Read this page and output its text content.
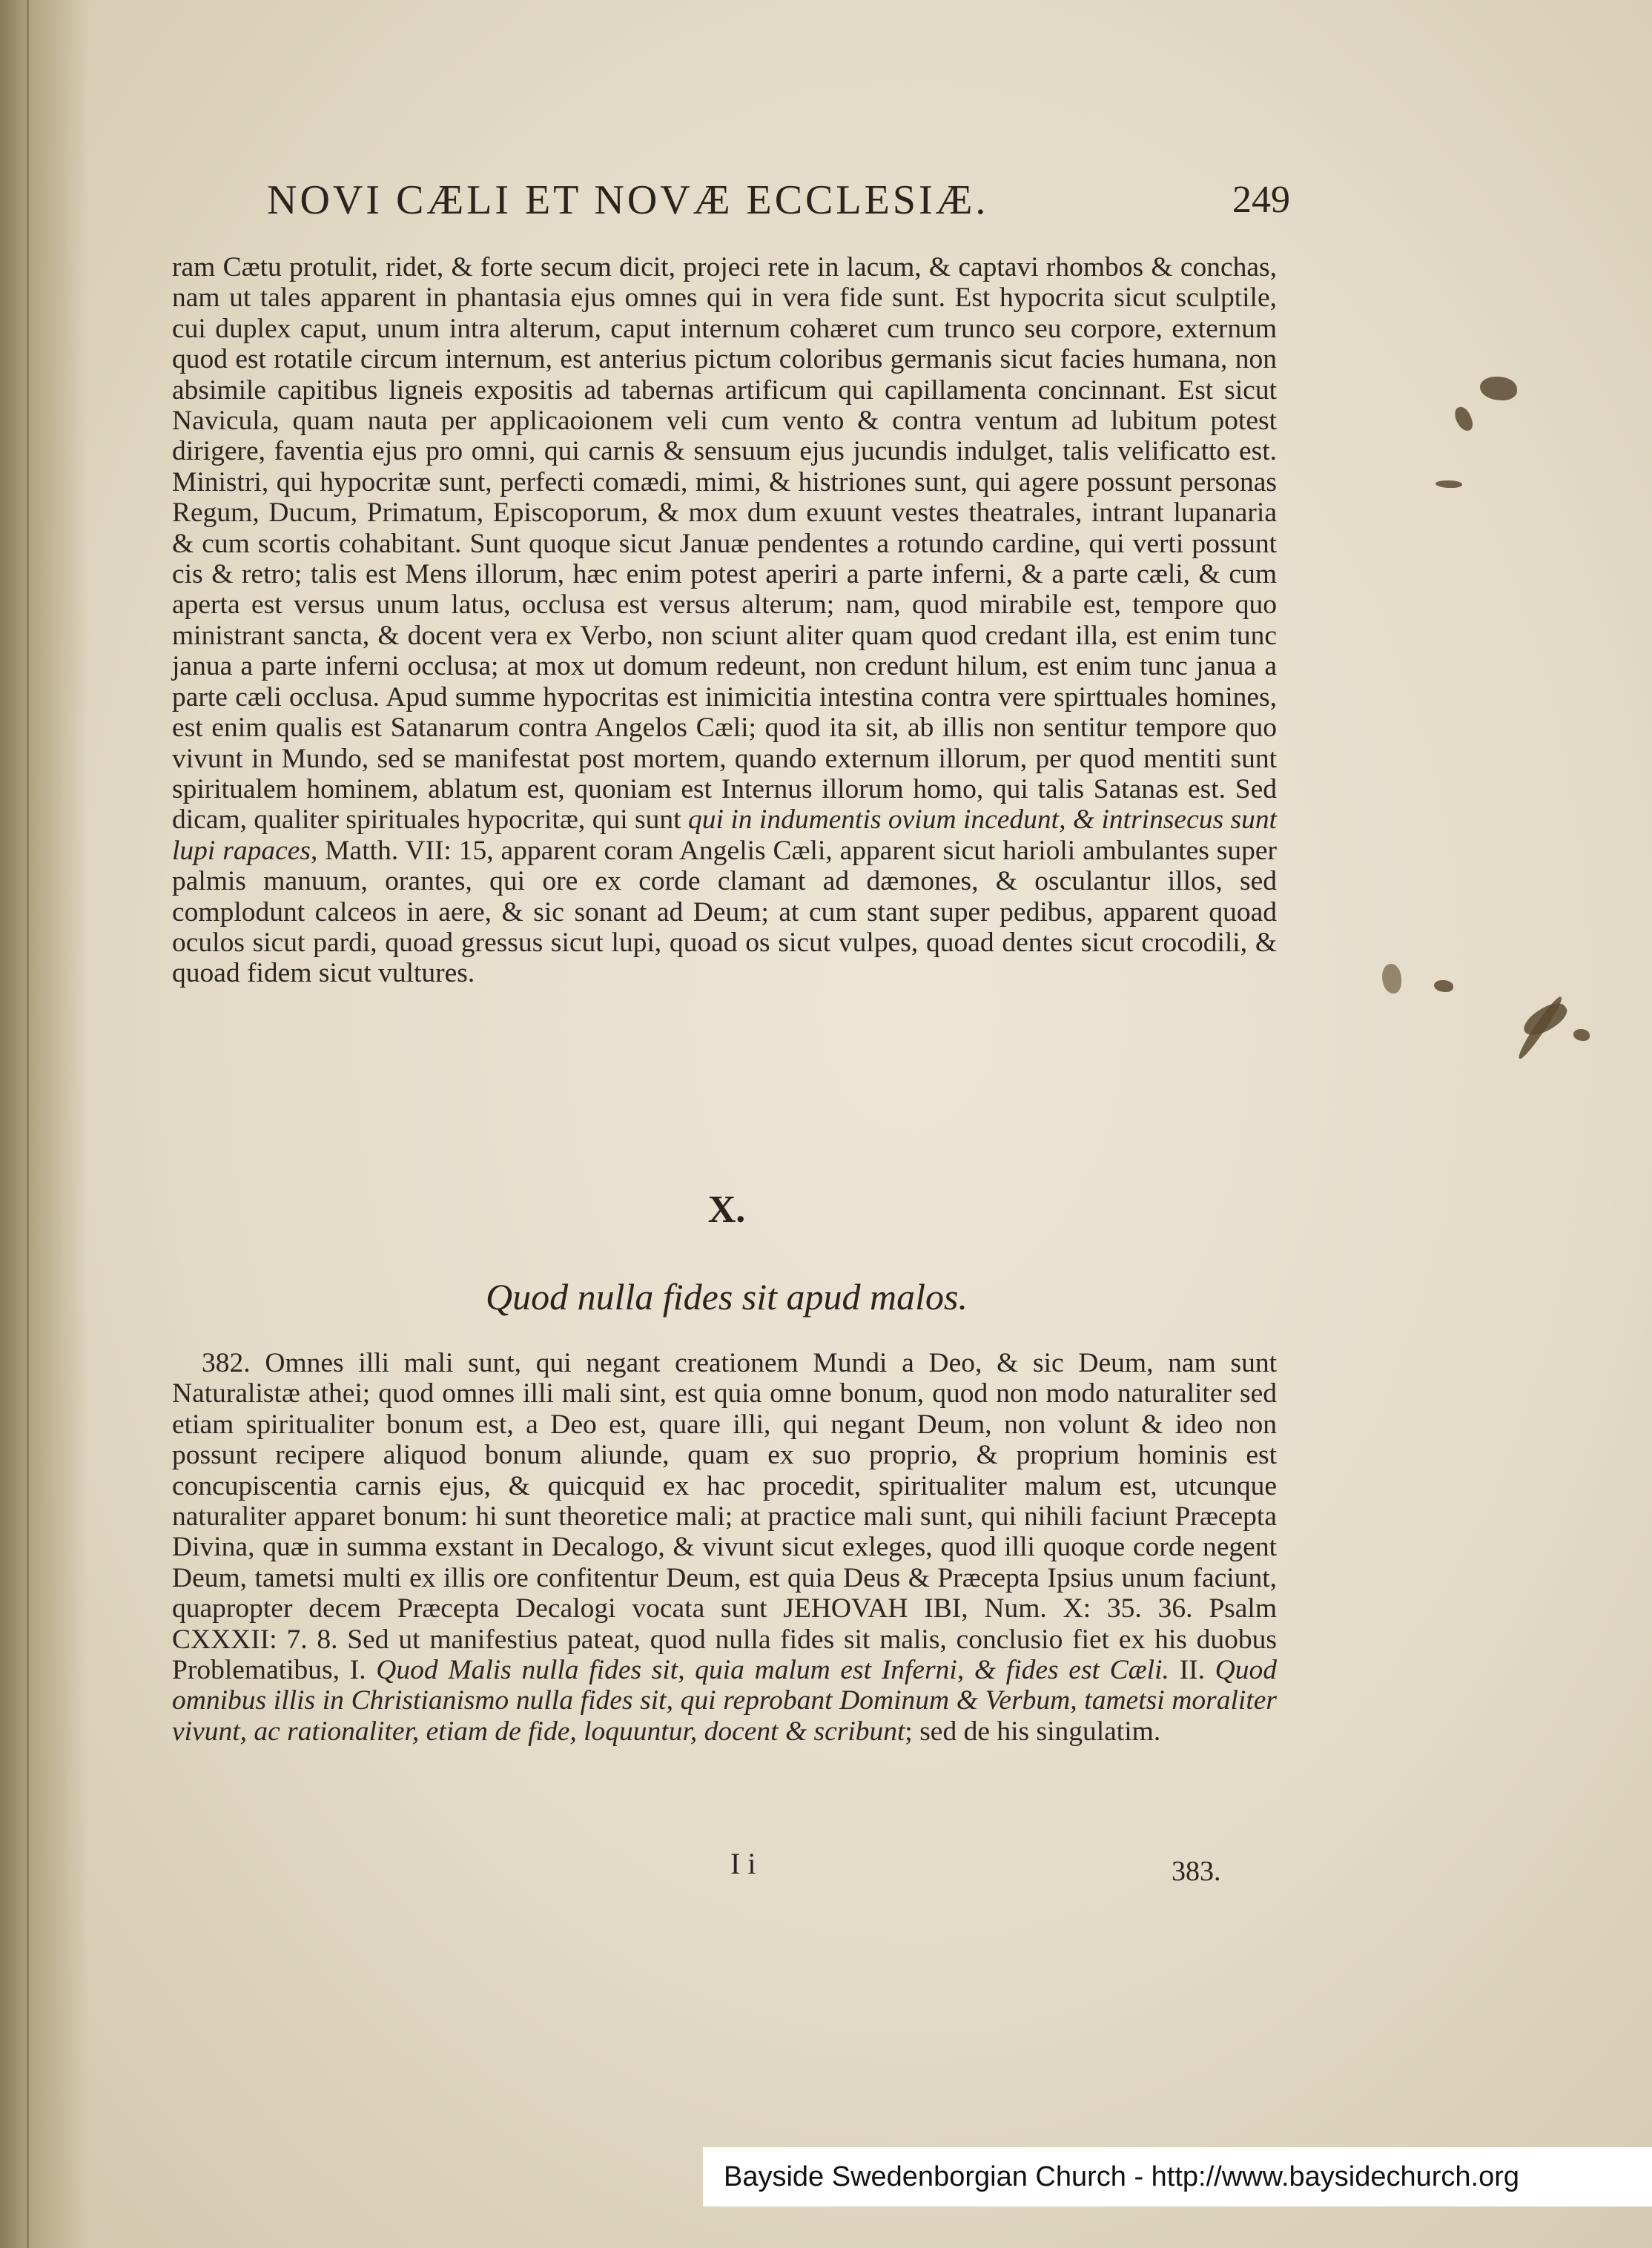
NOVI CÆLI ET NOVÆ ECCLESIÆ.	249

ram Cætu protulit, ridet, & forte secum dicit, projeci rete in lacum, & captavi rhombos & conchas, nam ut tales apparent in phantasia ejus omnes qui in vera fide sunt. Est hypocrita sicut sculptile, cui duplex caput, unum intra alterum, caput internum cohæret cum trunco seu corpore, externum quod est rotatile circum internum, est anterius pictum coloribus germanis sicut facies humana, non absimile capitibus ligneis expositis ad tabernas artificum qui capillamenta concinnant. Est sicut Navicula, quam nauta per applicaoionem veli cum vento & contra ventum ad lubitum potest dirigere, faventia ejus pro omni, qui carnis & sensuum ejus jucundis indulget, talis velificatto est. Ministri, qui hypocritæ sunt, perfecti comædi, mimi, & histriones sunt, qui agere possunt personas Regum, Ducum, Primatum, Episcoporum, & mox dum exuunt vestes theatrales, intrant lupanaria & cum scortis cohabitant. Sunt quoque sicut Januæ pendentes a rotundo cardine, qui verti possunt cis & retro; talis est Mens illorum, hæc enim potest aperiri a parte inferni, & a parte cæli, & cum aperta est versus unum latus, occlusa est versus alterum; nam, quod mirabile est, tempore quo ministrant sancta, & docent vera ex Verbo, non sciunt aliter quam quod credant illa, est enim tunc janua a parte inferni occlusa; at mox ut domum redeunt, non credunt hilum, est enim tunc janua a parte cæli occlusa. Apud summe hypocritas est inimicitia intestina contra vere spirttuales homines, est enim qualis est Satanarum contra Angelos Cæli; quod ita sit, ab illis non sentitur tempore quo vivunt in Mundo, sed se manifestat post mortem, quando externum illorum, per quod mentiti sunt spiritualem hominem, ablatum est, quoniam est Internus illorum homo, qui talis Satanas est. Sed dicam, qualiter spirituales hypocritæ, qui sunt qui in indumentis ovium incedunt, & intrinsecus sunt lupi rapaces, Matth. VII: 15, apparent coram Angelis Cæli, apparent sicut harioli ambulantes super palmis manuum, orantes, qui ore ex corde clamant ad dæmones, & osculantur illos, sed complodunt calceos in aere, & sic sonant ad Deum; at cum stant super pedibus, apparent quoad oculos sicut pardi, quoad gressus sicut lupi, quoad os sicut vulpes, quoad dentes sicut crocodili, & quoad fidem sicut vultures.

X.
Quod nulla fides sit apud malos.

382. Omnes illi mali sunt, qui negant creationem Mundi a Deo, & sic Deum, nam sunt Naturalistæ athei; quod omnes illi mali sint, est quia omne bonum, quod non modo naturaliter sed etiam spiritualiter bonum est, a Deo est, quare illi, qui negant Deum, non volunt & ideo non possunt recipere aliquod bonum aliunde, quam ex suo proprio, & proprium hominis est concupiscentia carnis ejus, & quicquid ex hac procedit, spiritualiter malum est, utcunque naturaliter apparet bonum: hi sunt theoretice mali; at practice mali sunt, qui nihili faciunt Præcepta Divina, quæ in summa exstant in Decalogo, & vivunt sicut exleges, quod illi quoque corde negent Deum, tametsi multi ex illis ore confitentur Deum, est quia Deus & Præcepta Ipsius unum faciunt, quapropter decem Præcepta Decalogi vocata sunt JEHOVAH IBI, Num. X: 35. 36. Psalm CXXXII: 7. 8. Sed ut manifestius pateat, quod nulla fides sit malis, conclusio fiet ex his duobus Problematibus, I. Quod Malis nulla fides sit, quia malum est Inferni, & fides est Cæli. II. Quod omnibus illis in Christianismo nulla fides sit, qui reprobant Dominum & Verbum, tametsi moraliter vivunt, ac rationaliter, etiam de fide, loquuntur, docent & scribunt; sed de his singulatim.

I i	383.
Bayside Swedenborgian Church - http://www.baysidechurch.org
